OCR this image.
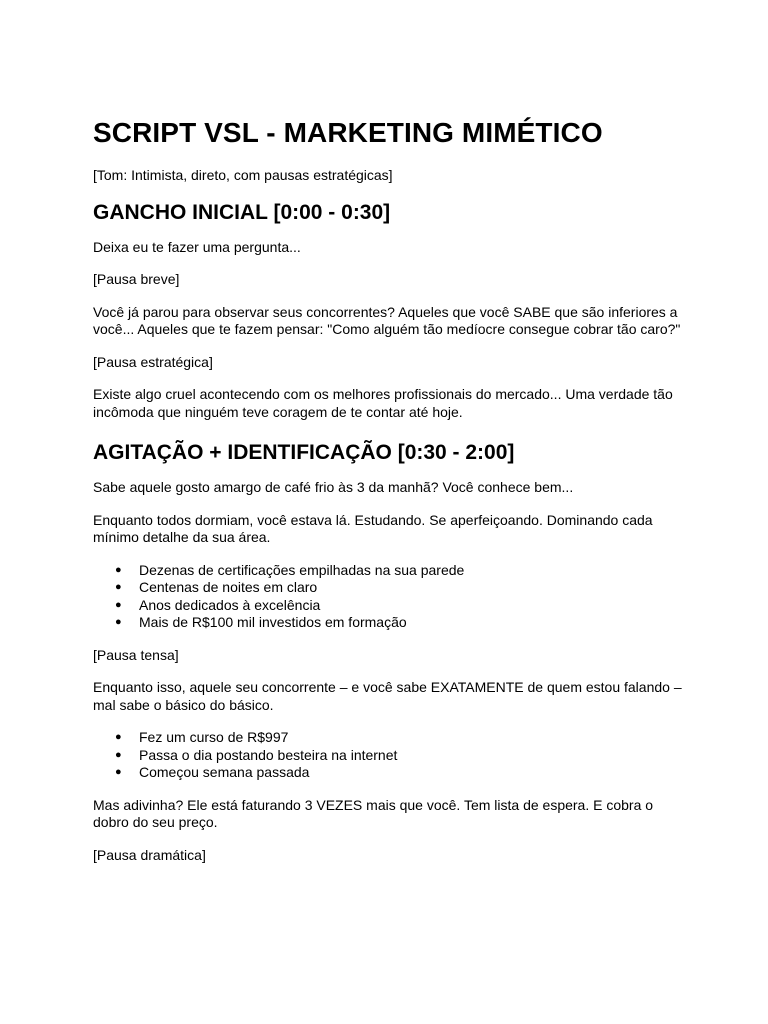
SCRIPT VSL - MARKETING MIMÉTICO

[Tom: Intimista, direto, com pausas estratégicas]

GANCHO INICIAL [0:00 - 0:30]

Deixa eu te fazer uma pergunta...

[Pausa breve]

Você já parou para observar seus concorrentes? Aqueles que você SABE que são inferiores a você... Aqueles que te fazem pensar: "Como alguém tão medíocre consegue cobrar tão caro?"

[Pausa estratégica]

Existe algo cruel acontecendo com os melhores profissionais do mercado... Uma verdade tão incômoda que ninguém teve coragem de te contar até hoje.

AGITAÇÃO + IDENTIFICAÇÃO [0:30 - 2:00]

Sabe aquele gosto amargo de café frio às 3 da manhã? Você conhece bem...

Enquanto todos dormiam, você estava lá. Estudando. Se aperfeiçoando. Dominando cada mínimo detalhe da sua área.

● Dezenas de certificações empilhadas na sua parede
● Centenas de noites em claro
● Anos dedicados à excelência
● Mais de R$100 mil investidos em formação

[Pausa tensa]

Enquanto isso, aquele seu concorrente – e você sabe EXATAMENTE de quem estou falando – mal sabe o básico do básico.

● Fez um curso de R$997
● Passa o dia postando besteira na internet
● Começou semana passada

Mas adivinha? Ele está faturando 3 VEZES mais que você. Tem lista de espera. E cobra o dobro do seu preço.

[Pausa dramática]
